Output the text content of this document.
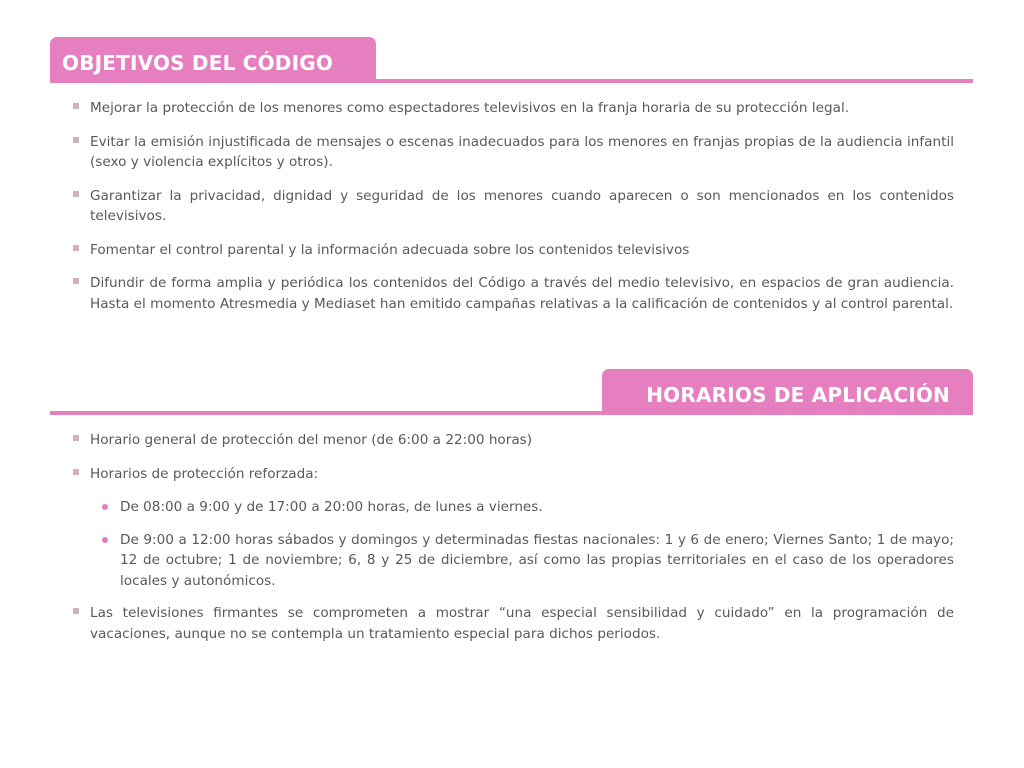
OBJETIVOS DEL CÓDIGO
Mejorar la protección de los menores como espectadores televisivos en la franja horaria de su protección legal.
Evitar la emisión injustificada de mensajes o escenas inadecuados para los menores en franjas propias de la audiencia infantil (sexo y violencia explícitos y otros).
Garantizar la privacidad, dignidad y seguridad de los menores cuando aparecen o son mencionados en los contenidos televisivos.
Fomentar el control parental y la información adecuada sobre los contenidos televisivos
Difundir de forma amplia y periódica los contenidos del Código a través del medio televisivo, en espacios de gran audiencia. Hasta el momento Atresmedia y Mediaset han emitido campañas relativas a la calificación de contenidos y al control parental.
HORARIOS DE APLICACIÓN
Horario general de protección del menor (de 6:00 a 22:00 horas)
Horarios de protección reforzada:
De 08:00 a 9:00 y de 17:00 a 20:00 horas, de lunes a viernes.
De 9:00 a 12:00 horas sábados y domingos y determinadas fiestas nacionales: 1 y 6 de enero; Viernes Santo; 1 de mayo; 12 de octubre; 1 de noviembre; 6, 8 y 25 de diciembre, así como las propias territoriales en el caso de los operadores locales y autonómicos.
Las televisiones firmantes se comprometen a mostrar “una especial sensibilidad y cuidado” en la programación de vacaciones, aunque no se contempla un tratamiento especial para dichos periodos.
